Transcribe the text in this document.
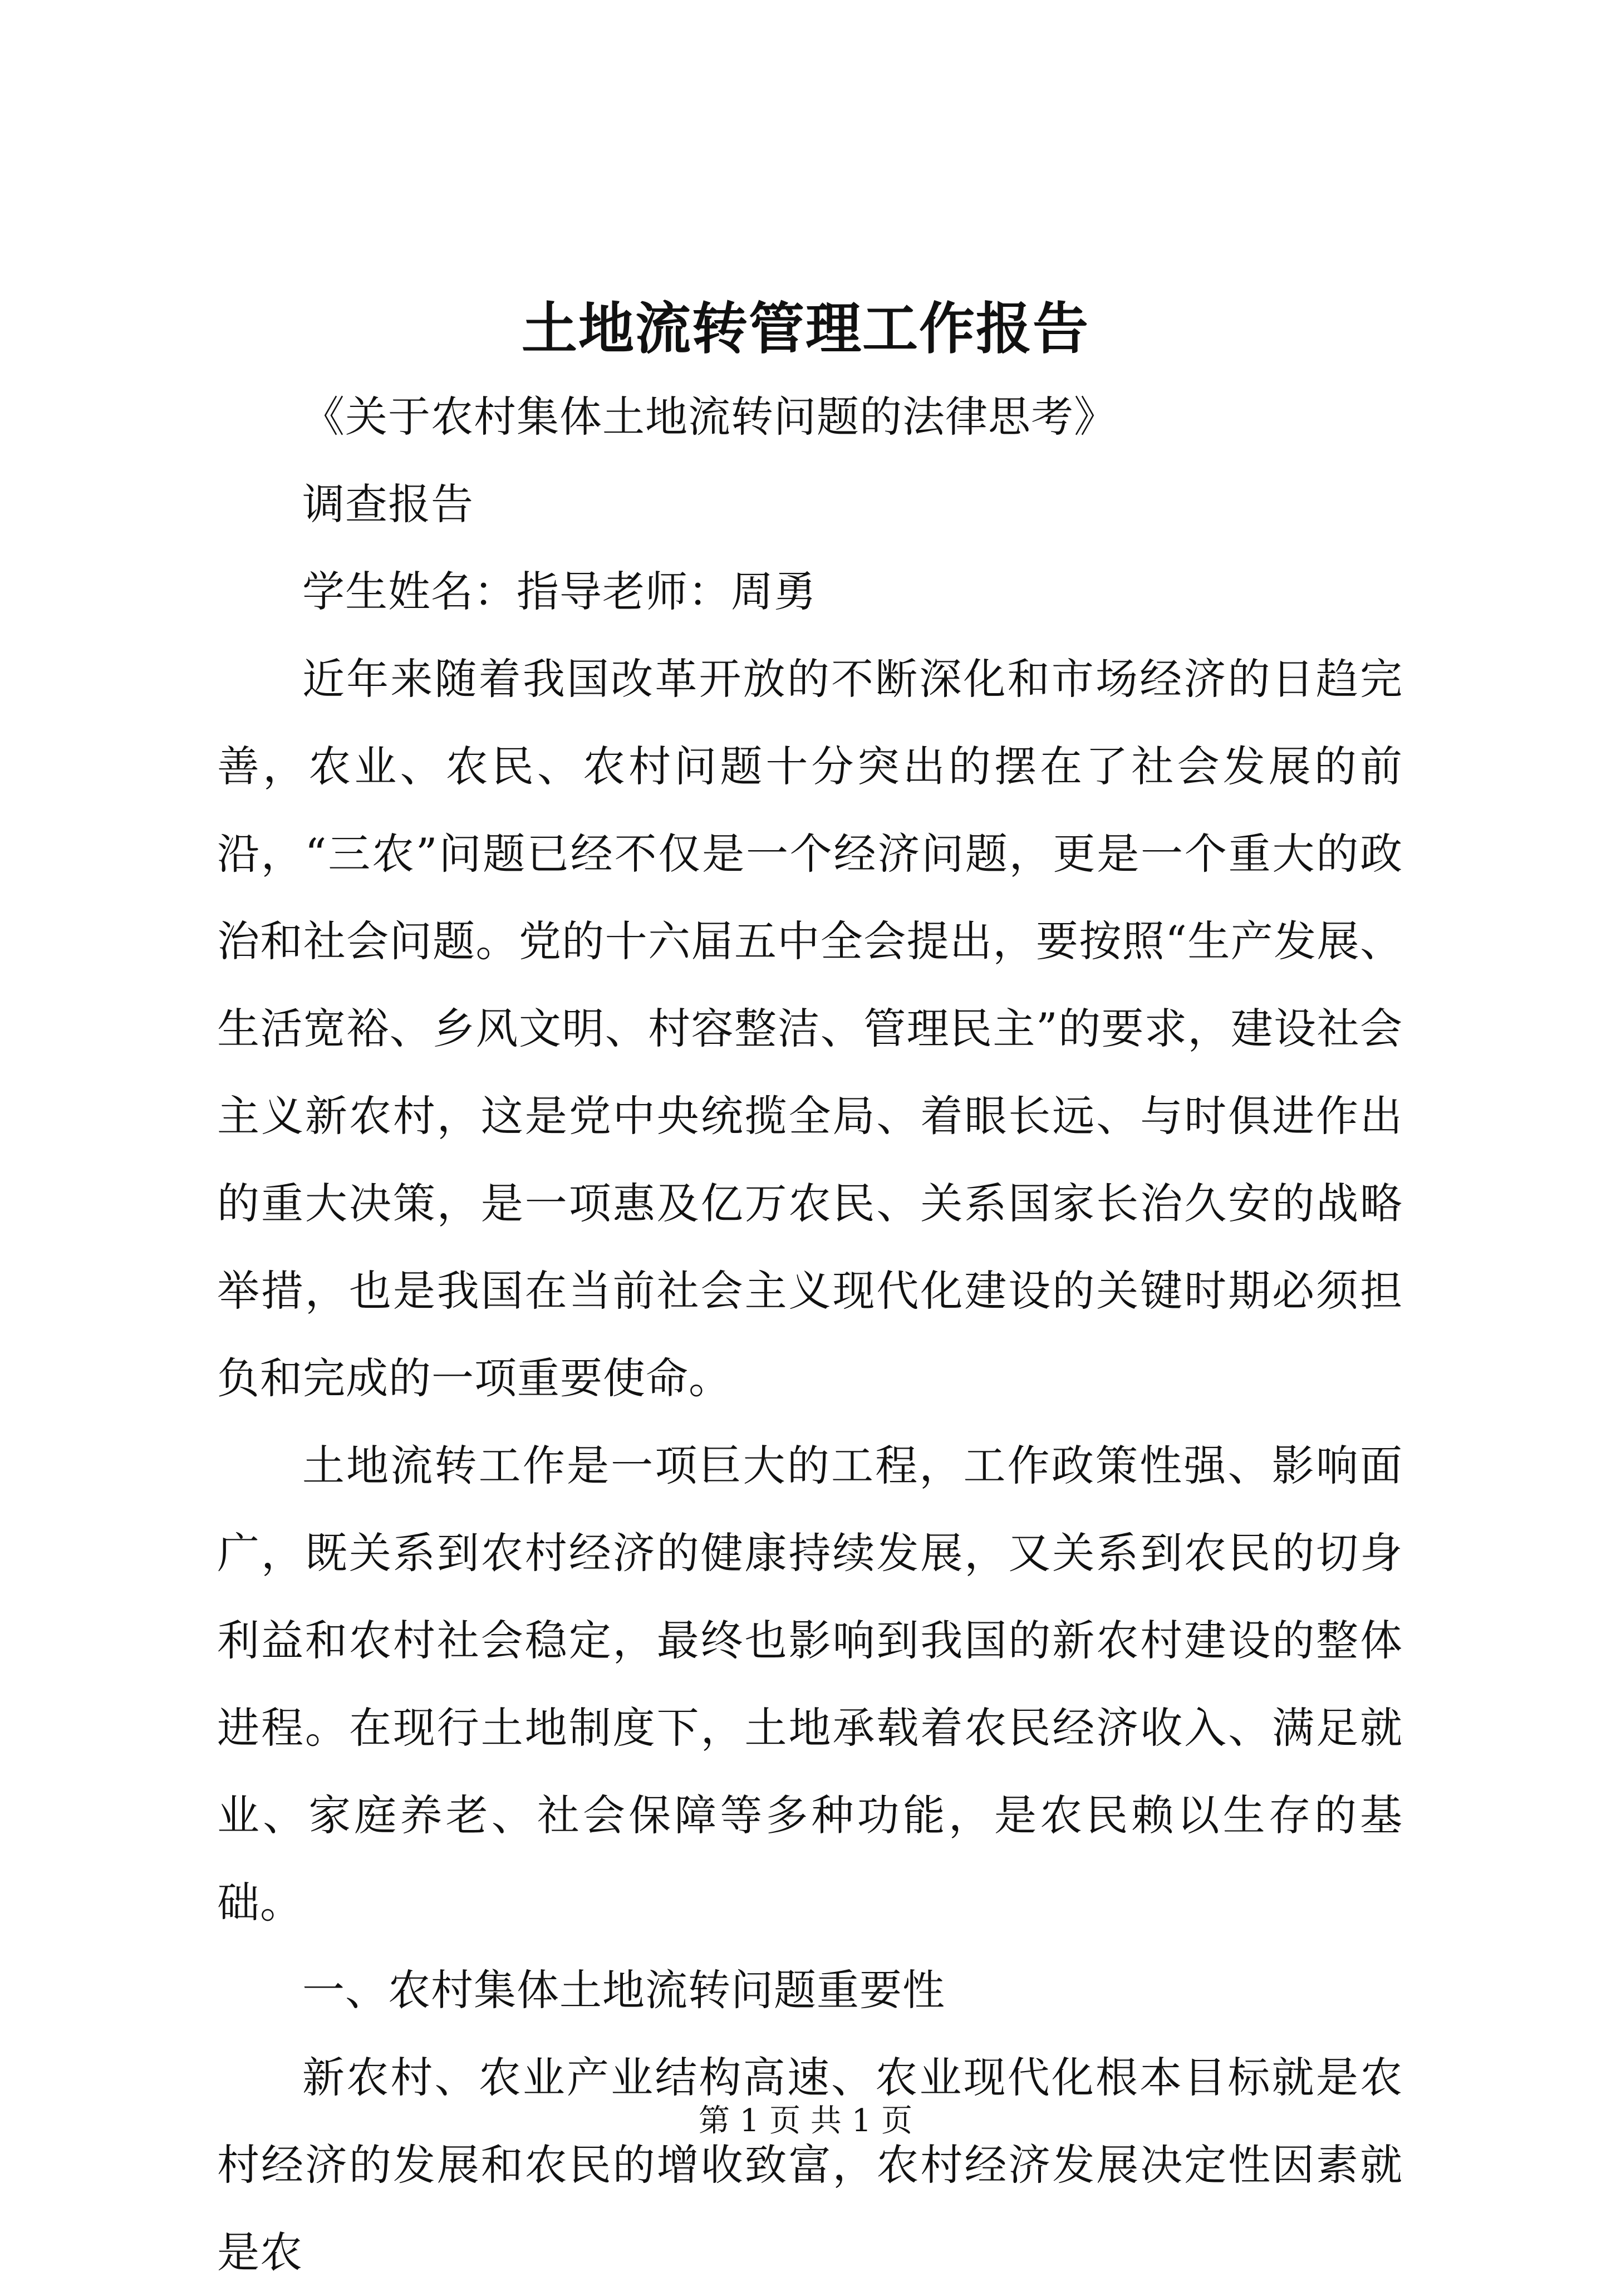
土地流转管理工作报告

《关于农村集体土地流转问题的法律思考》

调查报告

学生姓名：指导老师：周勇

近年来随着我国改革开放的不断深化和市场经济的日趋完善，农业、农民、农村问题十分突出的摆在了社会发展的前沿，“三农”问题已经不仅是一个经济问题，更是一个重大的政治和社会问题。党的十六届五中全会提出，要按照“生产发展、生活宽裕、乡风文明、村容整洁、管理民主”的要求，建设社会主义新农村，这是党中央统揽全局、着眼长远、与时俱进作出的重大决策，是一项惠及亿万农民、关系国家长治久安的战略举措，也是我国在当前社会主义现代化建设的关键时期必须担负和完成的一项重要使命。

土地流转工作是一项巨大的工程，工作政策性强、影响面广，既关系到农村经济的健康持续发展，又关系到农民的切身利益和农村社会稳定，最终也影响到我国的新农村建设的整体进程。在现行土地制度下，土地承载着农民经济收入、满足就业、家庭养老、社会保障等多种功能，是农民赖以生存的基础。

一、农村集体土地流转问题重要性

新农村、农业产业结构高速、农业现代化根本目标就是农村经济的发展和农民的增收致富，农村经济发展决定性因素就是农

第 1 页 共 1 页
